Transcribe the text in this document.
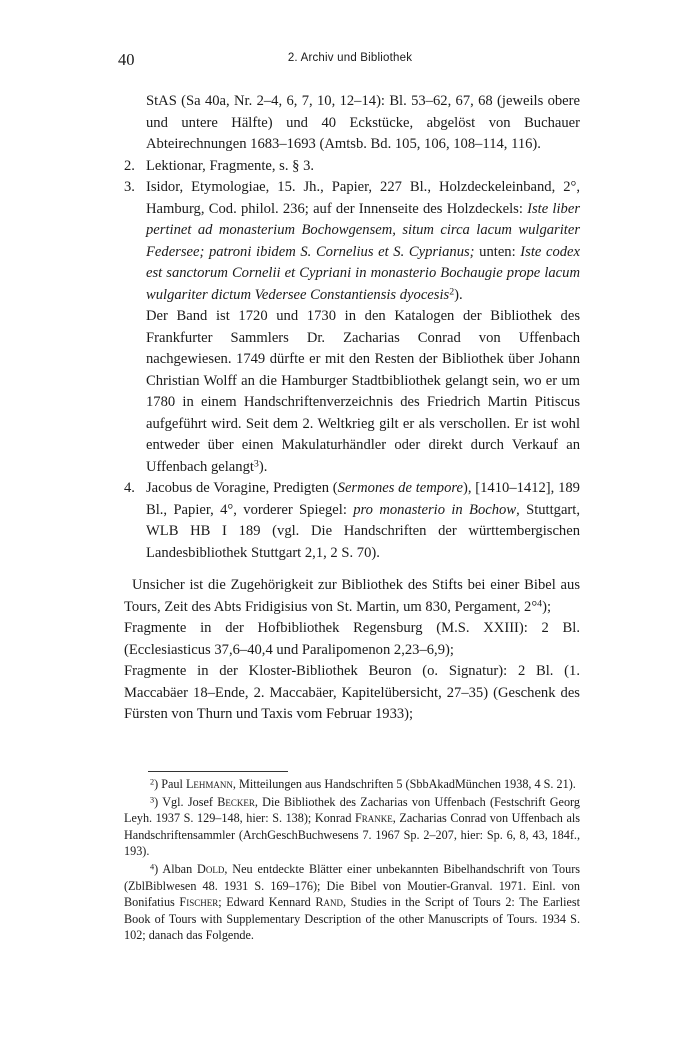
40	2. Archiv und Bibliothek

StAS (Sa 40a, Nr. 2–4, 6, 7, 10, 12–14): Bl. 53–62, 67, 68 (jeweils obere und untere Hälfte) und 40 Eckstücke, abgelöst von Buchauer Abteirechnungen 1683–1693 (Amtsb. Bd. 105, 106, 108–114, 116).

2. Lektionar, Fragmente, s. § 3.
3. Isidor, Etymologiae, 15. Jh., Papier, 227 Bl., Holzdeckeleinband, 2°, Hamburg, Cod. philol. 236; auf der Innenseite des Holzdeckels: Iste liber pertinet ad monasterium Bochowgensem, situm circa lacum wulgariter Federsee; patroni ibidem S. Cornelius et S. Cyprianus; unten: Iste codex est sanctorum Cornelii et Cypriani in monasterio Bochaugie prope lacum wulgariter dictum Vedersee Constantiensis dyocesis$^2$).

Der Band ist 1720 und 1730 in den Katalogen der Bibliothek des Frankfurter Sammlers Dr. Zacharias Conrad von Uffenbach nachgewiesen. 1749 dürfte er mit den Resten der Bibliothek über Johann Christian Wolff an die Hamburger Stadtbibliothek gelangt sein, wo er um 1780 in einem Handschriftenverzeichnis des Friedrich Martin Pitiscus aufgeführt wird. Seit dem 2. Weltkrieg gilt er als verschollen. Er ist wohl entweder über einen Makulaturhändler oder direkt durch Verkauf an Uffenbach gelangt$^3$).

4. Jacobus de Voragine, Predigten (Sermones de tempore), [1410–1412], 189 Bl., Papier, 4°, vorderer Spiegel: pro monasterio in Bochow, Stuttgart, WLB HB I 189 (vgl. Die Handschriften der württembergischen Landesbibliothek Stuttgart 2,1, 2 S. 70).

Unsicher ist die Zugehörigkeit zur Bibliothek des Stifts bei einer Bibel aus Tours, Zeit des Abts Fridigisius von St. Martin, um 830, Pergament, 2°$^4$);

Fragmente in der Hofbibliothek Regensburg (M.S. XXIII): 2 Bl. (Ecclesiasticus 37,6–40,4 und Paralipomenon 2,23–6,9);

Fragmente in der Kloster-Bibliothek Beuron (o. Signatur): 2 Bl. (1. Maccabäer 18–Ende, 2. Maccabäer, Kapitelübersicht, 27–35) (Geschenk des Fürsten von Thurn und Taxis vom Februar 1933);

$^2$) Paul Lehmann, Mitteilungen aus Handschriften 5 (SbbAkadMünchen 1938, 4 S. 21).

$^3$) Vgl. Josef Becker, Die Bibliothek des Zacharias von Uffenbach (Festschrift Georg Leyh. 1937 S. 129–148, hier: S. 138); Konrad Franke, Zacharias Conrad von Uffenbach als Handschriftensammler (ArchGeschBuchwesens 7. 1967 Sp. 2–207, hier: Sp. 6, 8, 43, 184f., 193).

$^4$) Alban Dold, Neu entdeckte Blätter einer unbekannten Bibelhandschrift von Tours (ZblBiblwesen 48. 1931 S. 169–176); Die Bibel von Moutier-Granval. 1971. Einl. von Bonifatius Fischer; Edward Kennard Rand, Studies in the Script of Tours 2: The Earliest Book of Tours with Supplementary Description of the other Manuscripts of Tours. 1934 S. 102; danach das Folgende.
